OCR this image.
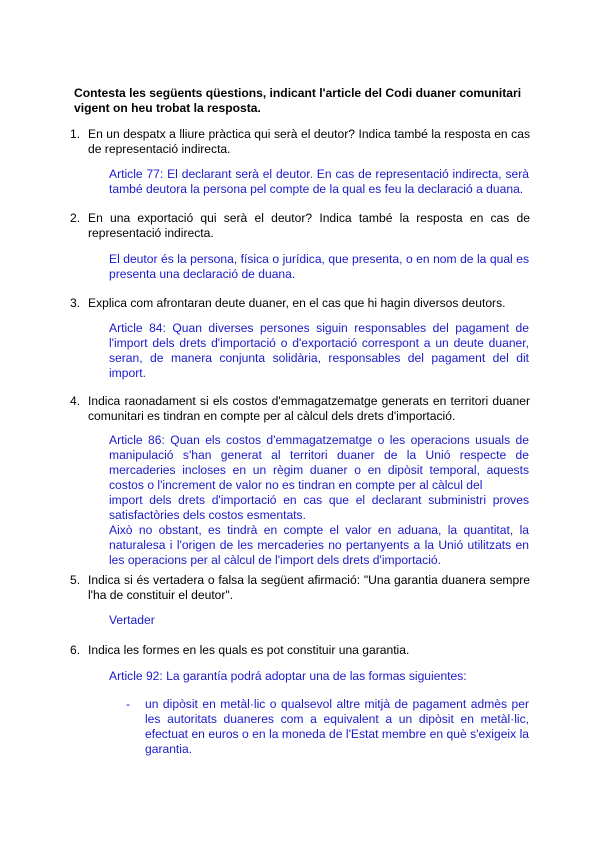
Contesta les següents qüestions, indicant l'article del Codi duaner comunitari vigent on heu trobat la resposta.
1. En un despatx a lliure pràctica qui serà el deutor? Indica també la resposta en cas de representació indirecta.
Article 77: El declarant serà el deutor. En cas de representació indirecta, serà també deutora la persona pel compte de la qual es feu la declaració a duana.
2. En una exportació qui serà el deutor? Indica també la resposta en cas de representació indirecta.
El deutor és la persona, física o jurídica, que presenta, o en nom de la qual es presenta una declaració de duana.
3. Explica com afrontaran deute duaner, en el cas que hi hagin diversos deutors.
Article 84: Quan diverses persones siguin responsables del pagament de l'import dels drets d'importació o d'exportació correspont a un deute duaner, seran, de manera conjunta solidària, responsables del pagament del dit import.
4. Indica raonadament si els costos d'emmagatzematge generats en territori duaner comunitari es tindran en compte per al càlcul dels drets d'importació.
Article 86: Quan els costos d'emmagatzematge o les operacions usuals de
manipulació s'han generat al territori duaner de la Unió respecte de
mercaderies incloses en un règim duaner o en dipòsit temporal, aquests
costos o l'increment de valor no es tindran en compte per al càlcul del
import dels drets d'importació en cas que el declarant subministri proves
satisfactòries dels costos esmentats.
Això no obstant, es tindrà en compte el valor en aduana, la quantitat, la
naturalesa i l'origen de les mercaderies no pertanyents a la Unió utilitzats en
les operacions per al càlcul de l'import dels drets d'importació.
5. Indica si és vertadera o falsa la següent afirmació: "Una garantia duanera sempre l'ha de constituir el deutor".
Vertader
6. Indica les formes en les quals es pot constituir una garantia.
Article 92: La garantía podrá adoptar una de las formas siguientes:
- un dipòsit en metàl·lic o qualsevol altre mitjà de pagament admès per les autoritats duaneres com a equivalent a un dipòsit en metàl·lic, efectuat en euros o en la moneda de l'Estat membre en què s'exigeix la garantia.
